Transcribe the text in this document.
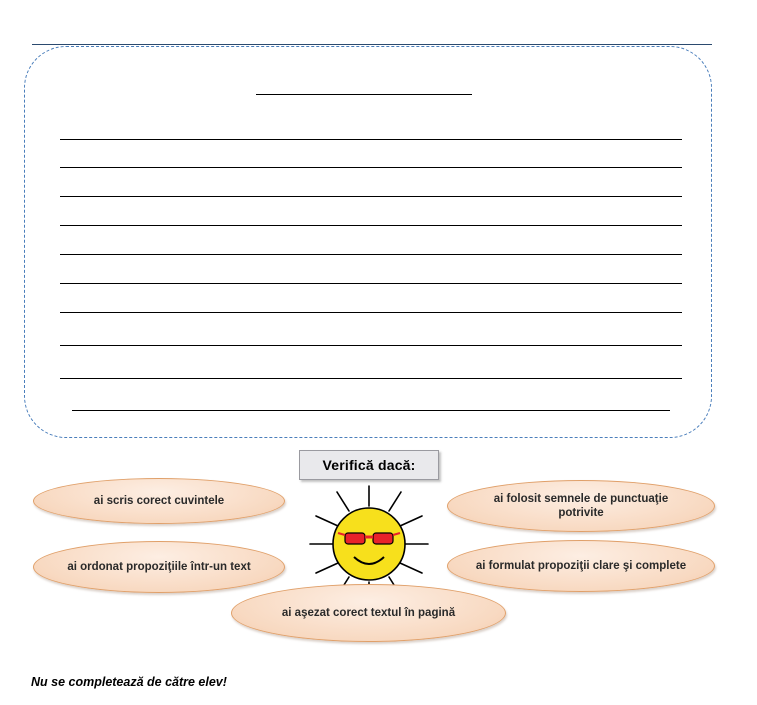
Verifică dacă:
ai scris corect cuvintele
ai ordonat propoziţiile într-un text
ai aşezat corect textul în pagină
ai folosit semnele de punctuaţie potrivite
ai formulat propoziţii clare şi complete
Nu se completează de către elev!
